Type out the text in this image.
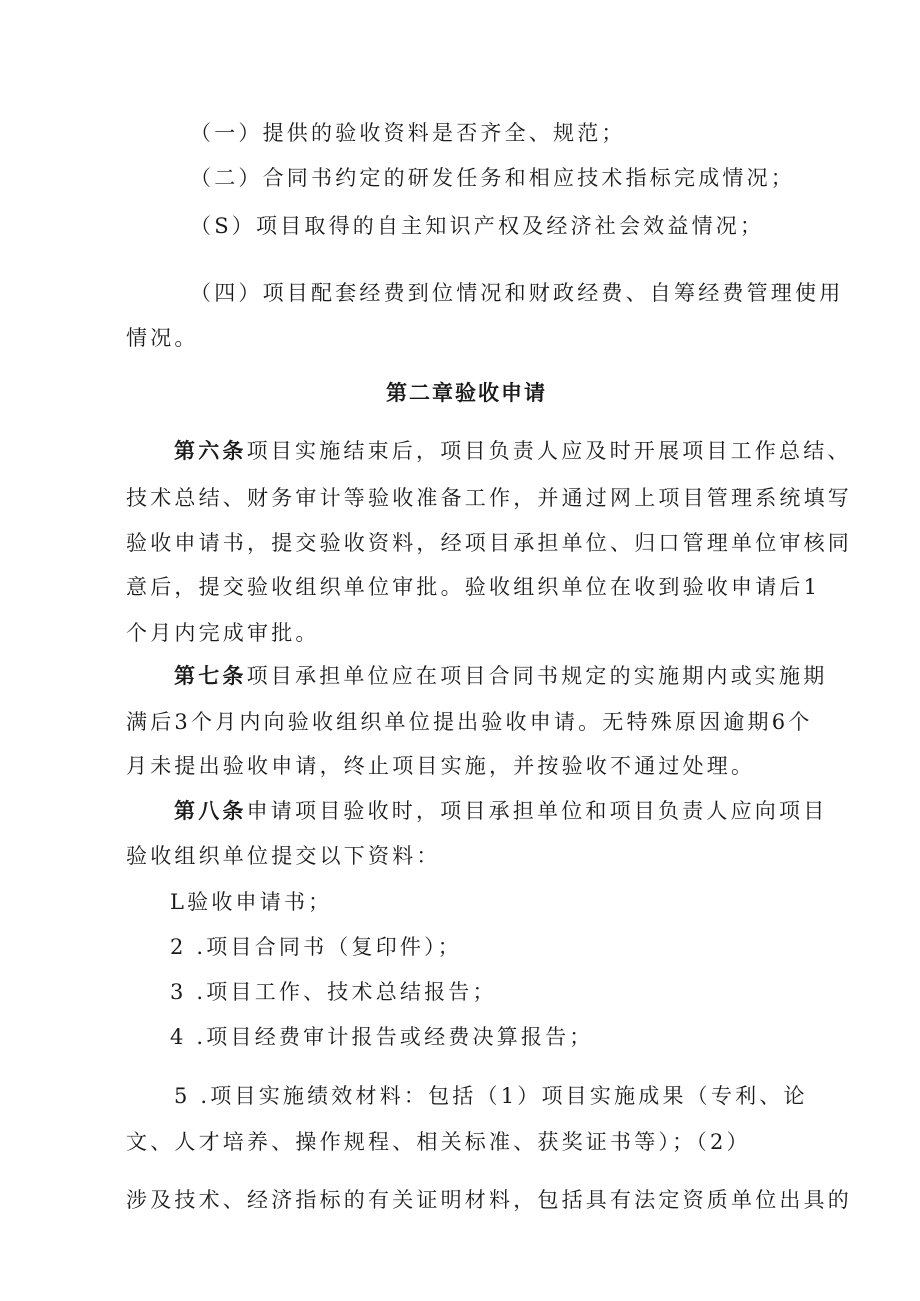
（一）提供的验收资料是否齐全、规范；
（二）合同书约定的研发任务和相应技术指标完成情况；
（S）项目取得的自主知识产权及经济社会效益情况；
（四）项目配套经费到位情况和财政经费、自筹经费管理使用
情况。
第二章验收申请
第六条项目实施结束后，项目负责人应及时开展项目工作总结、
技术总结、财务审计等验收准备工作，并通过网上项目管理系统填写
验收申请书，提交验收资料，经项目承担单位、归口管理单位审核同
意后，提交验收组织单位审批。验收组织单位在收到验收申请后1
个月内完成审批。
第七条项目承担单位应在项目合同书规定的实施期内或实施期
满后3个月内向验收组织单位提出验收申请。无特殊原因逾期6个
月未提出验收申请，终止项目实施，并按验收不通过处理。
第八条申请项目验收时，项目承担单位和项目负责人应向项目
验收组织单位提交以下资料：
L验收申请书；
2 .项目合同书（复印件）；
3 .项目工作、技术总结报告；
4 .项目经费审计报告或经费决算报告；
5 .项目实施绩效材料：包括（1）项目实施成果（专利、论
文、人才培养、操作规程、相关标准、获奖证书等）；（2）
涉及技术、经济指标的有关证明材料，包括具有法定资质单位出具的
